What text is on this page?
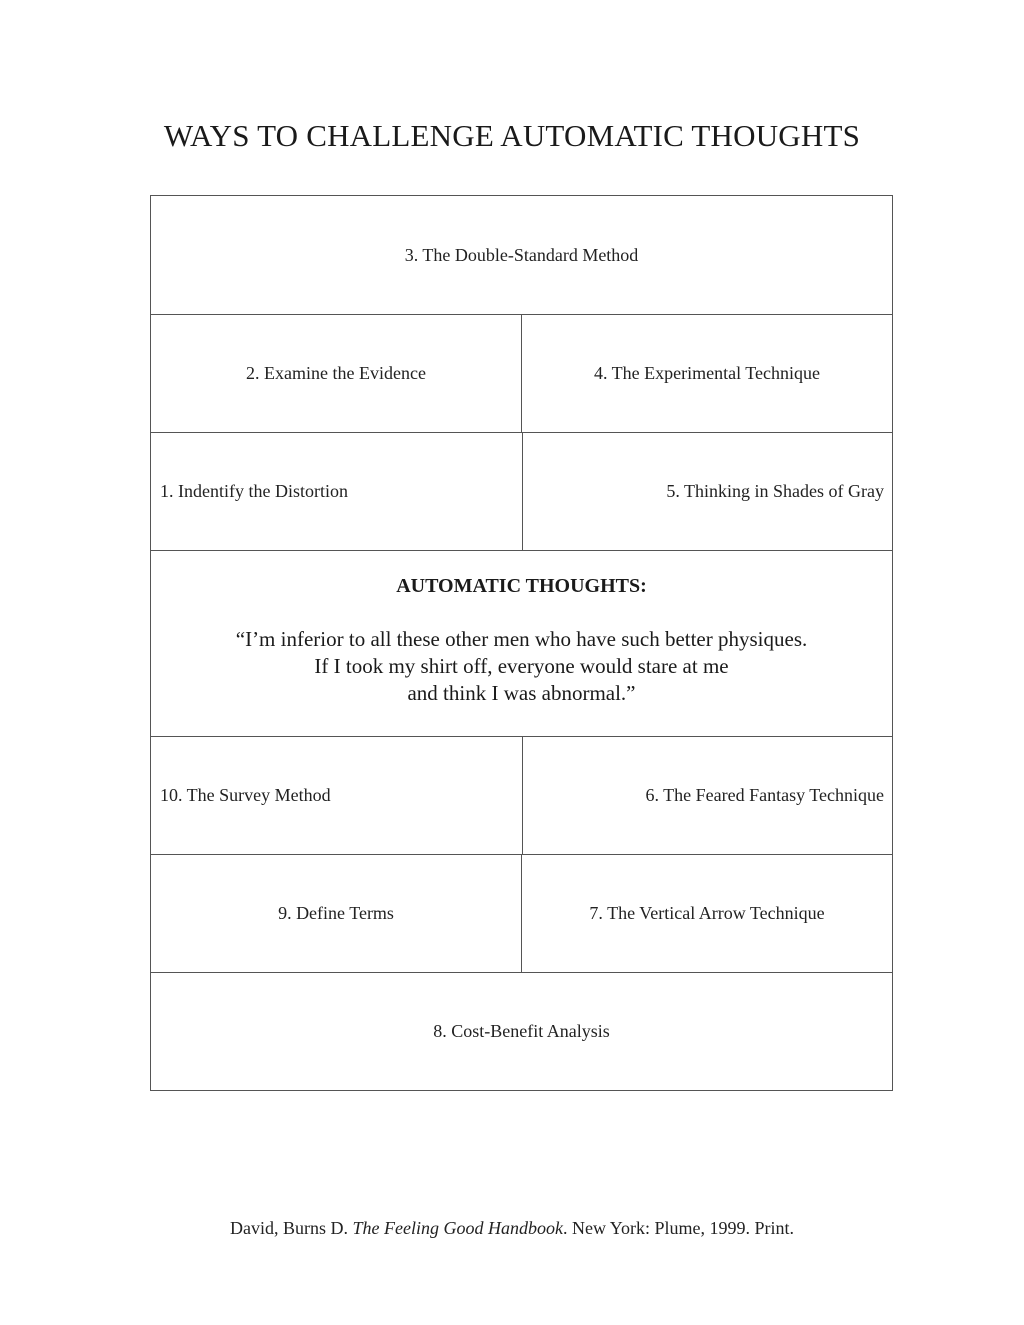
WAYS TO CHALLENGE AUTOMATIC THOUGHTS
3. The Double-Standard Method
2. Examine the Evidence	4. The Experimental Technique
1. Indentify the Distortion	5. Thinking in Shades of Gray
AUTOMATIC THOUGHTS:
“I’m inferior to all these other men who have such better physiques.
If I took my shirt off, everyone would stare at me
and think I was abnormal.”
10. The Survey Method	6. The Feared Fantasy Technique
9. Define Terms	7. The Vertical Arrow Technique
8. Cost-Benefit Analysis
David, Burns D. The Feeling Good Handbook. New York: Plume, 1999. Print.
